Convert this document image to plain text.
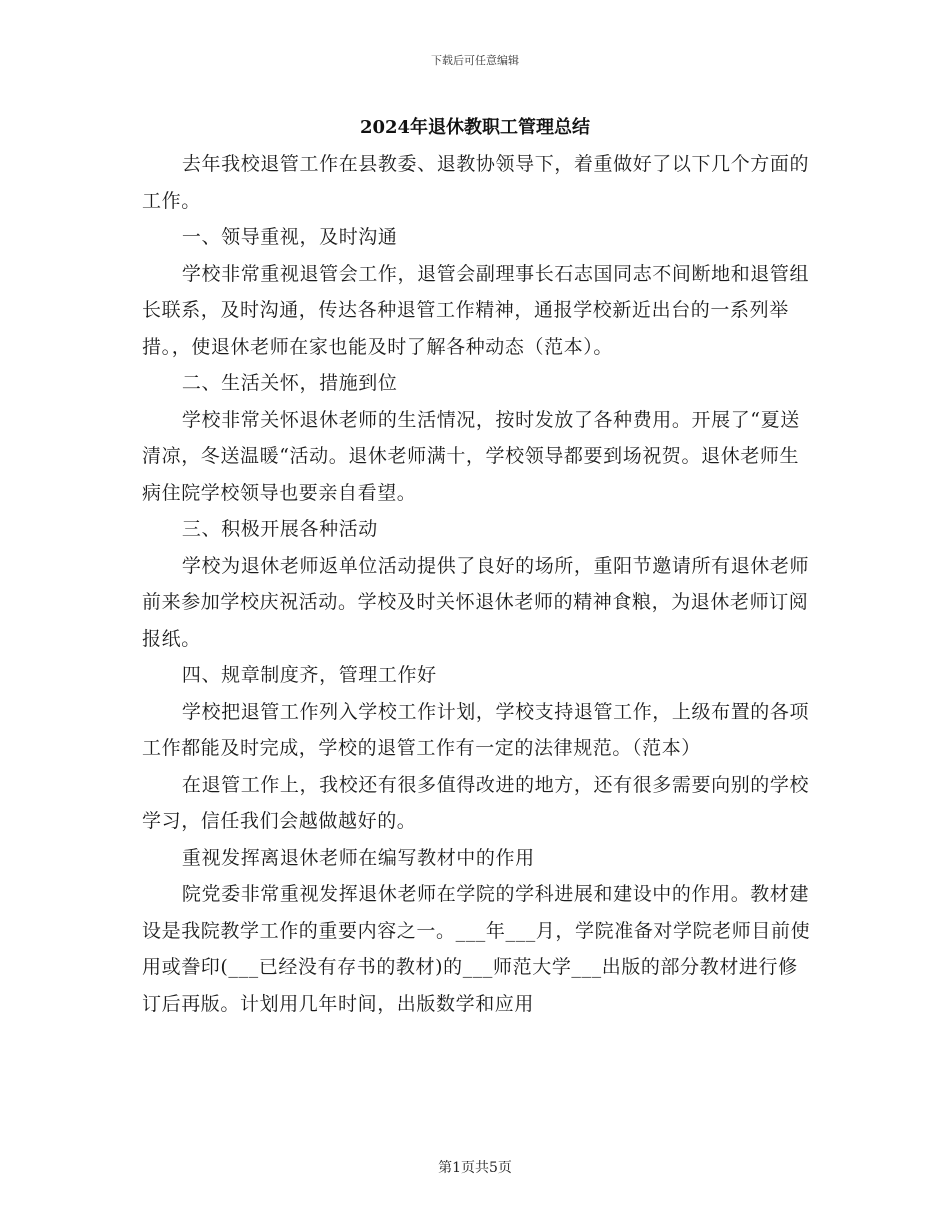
下载后可任意编辑
2024年退休教职工管理总结

去年我校退管工作在县教委、退教协领导下，着重做好了以下几个方面的工作。

一、领导重视，及时沟通

学校非常重视退管会工作，退管会副理事长石志国同志不间断地和退管组长联系，及时沟通，传达各种退管工作精神，通报学校新近出台的一系列举措。，使退休老师在家也能及时了解各种动态（范本）。

二、生活关怀，措施到位

学校非常关怀退休老师的生活情况，按时发放了各种费用。开展了“夏送清凉，冬送温暖“活动。退休老师满十，学校领导都要到场祝贺。退休老师生病住院学校领导也要亲自看望。

三、积极开展各种活动

学校为退休老师返单位活动提供了良好的场所，重阳节邀请所有退休老师前来参加学校庆祝活动。学校及时关怀退休老师的精神食粮，为退休老师订阅报纸。

四、规章制度齐，管理工作好

学校把退管工作列入学校工作计划，学校支持退管工作，上级布置的各项工作都能及时完成，学校的退管工作有一定的法律规范。（范本）

在退管工作上，我校还有很多值得改进的地方，还有很多需要向别的学校学习，信任我们会越做越好的。

重视发挥离退休老师在编写教材中的作用

院党委非常重视发挥退休老师在学院的学科进展和建设中的作用。教材建设是我院教学工作的重要内容之一。___年___月，学院准备对学院老师目前使用或誊印(___已经没有存书的教材)的___师范大学___出版的部分教材进行修订后再版。计划用几年时间，出版数学和应用

第1页共5页
